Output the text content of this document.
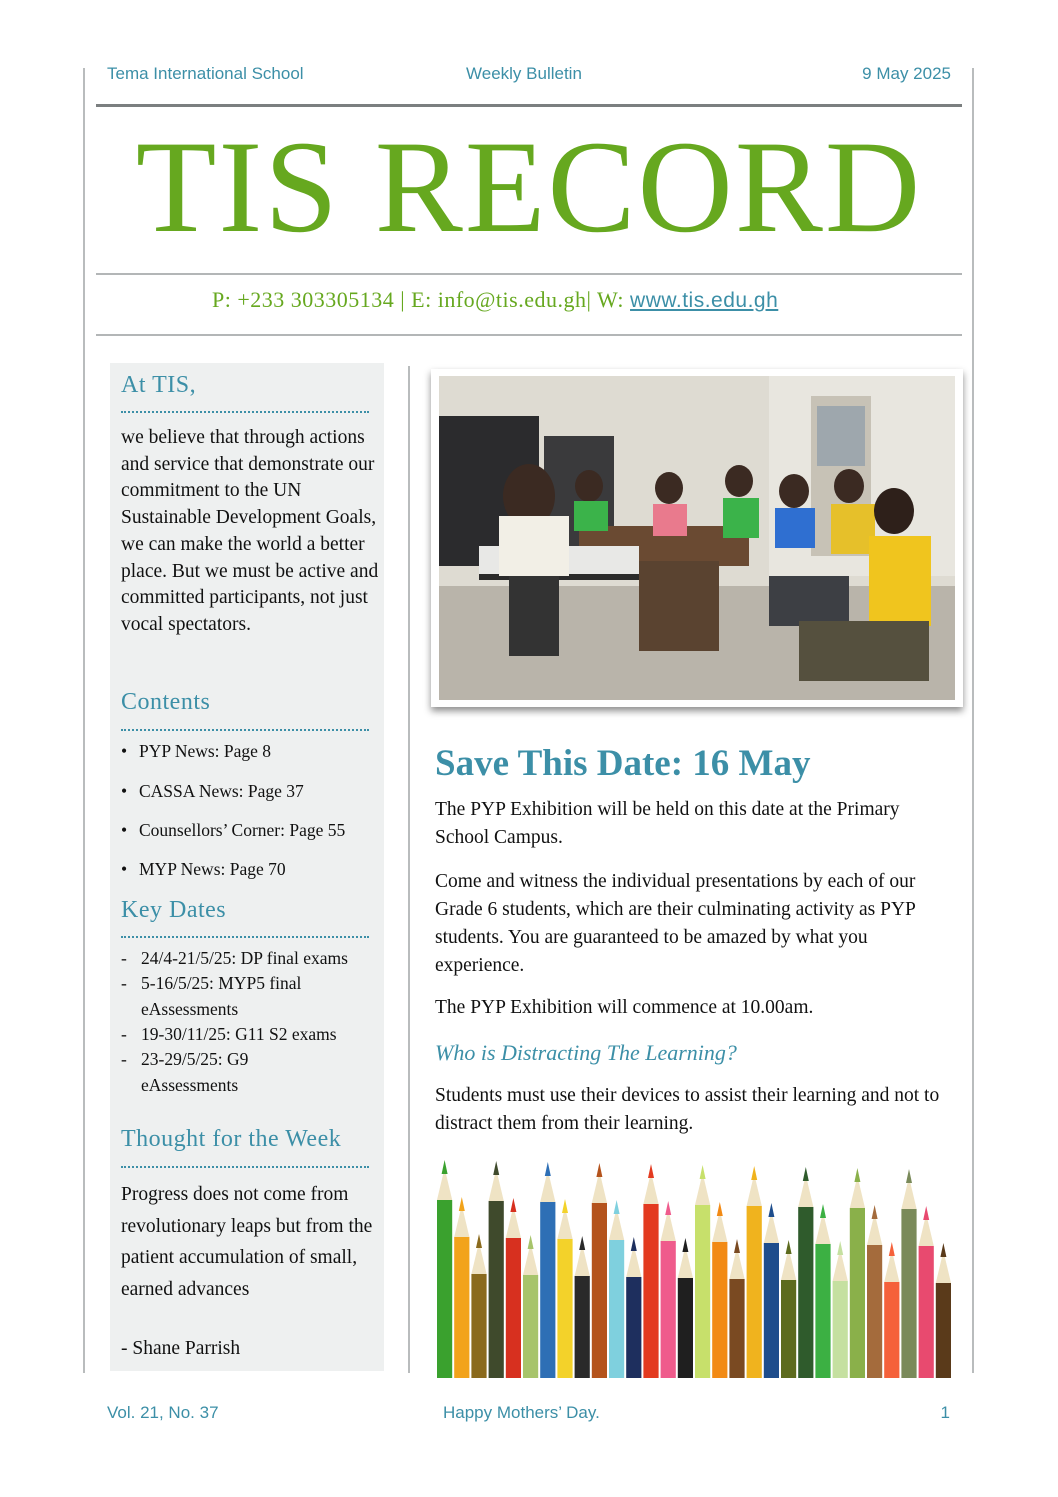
Tema International School	Weekly Bulletin	9 May 2025
TIS RECORD
P: +233 303305134 | E: info@tis.edu.gh| W: www.tis.edu.gh
At TIS,
we believe that through actions and service that demonstrate our commitment to the UN Sustainable Development Goals, we can make the world a better place. But we must be active and committed participants, not just vocal spectators.
Contents
• PYP News: Page 8
• CASSA News: Page 37
• Counsellors’ Corner: Page 55
• MYP News: Page 70
Key Dates
- 24/4-21/5/25: DP final exams
- 5-16/5/25: MYP5 final
eAssessments
- 19-30/11/25: G11 S2 exams
- 23-29/5/25: G9
eAssessments
Thought for the Week
Progress does not come from revolutionary leaps but from the patient accumulation of small, earned advances
- Shane Parrish
Save This Date: 16 May
The PYP Exhibition will be held on this date at the Primary School Campus.
Come and witness the individual presentations by each of our Grade 6 students, which are their culminating activity as PYP students. You are guaranteed to be amazed by what you experience.
The PYP Exhibition will commence at 10.00am.
Who is Distracting The Learning?
Students must use their devices to assist their learning and not to distract them from their learning.
Vol. 21, No. 37	Happy Mothers’ Day.	1
